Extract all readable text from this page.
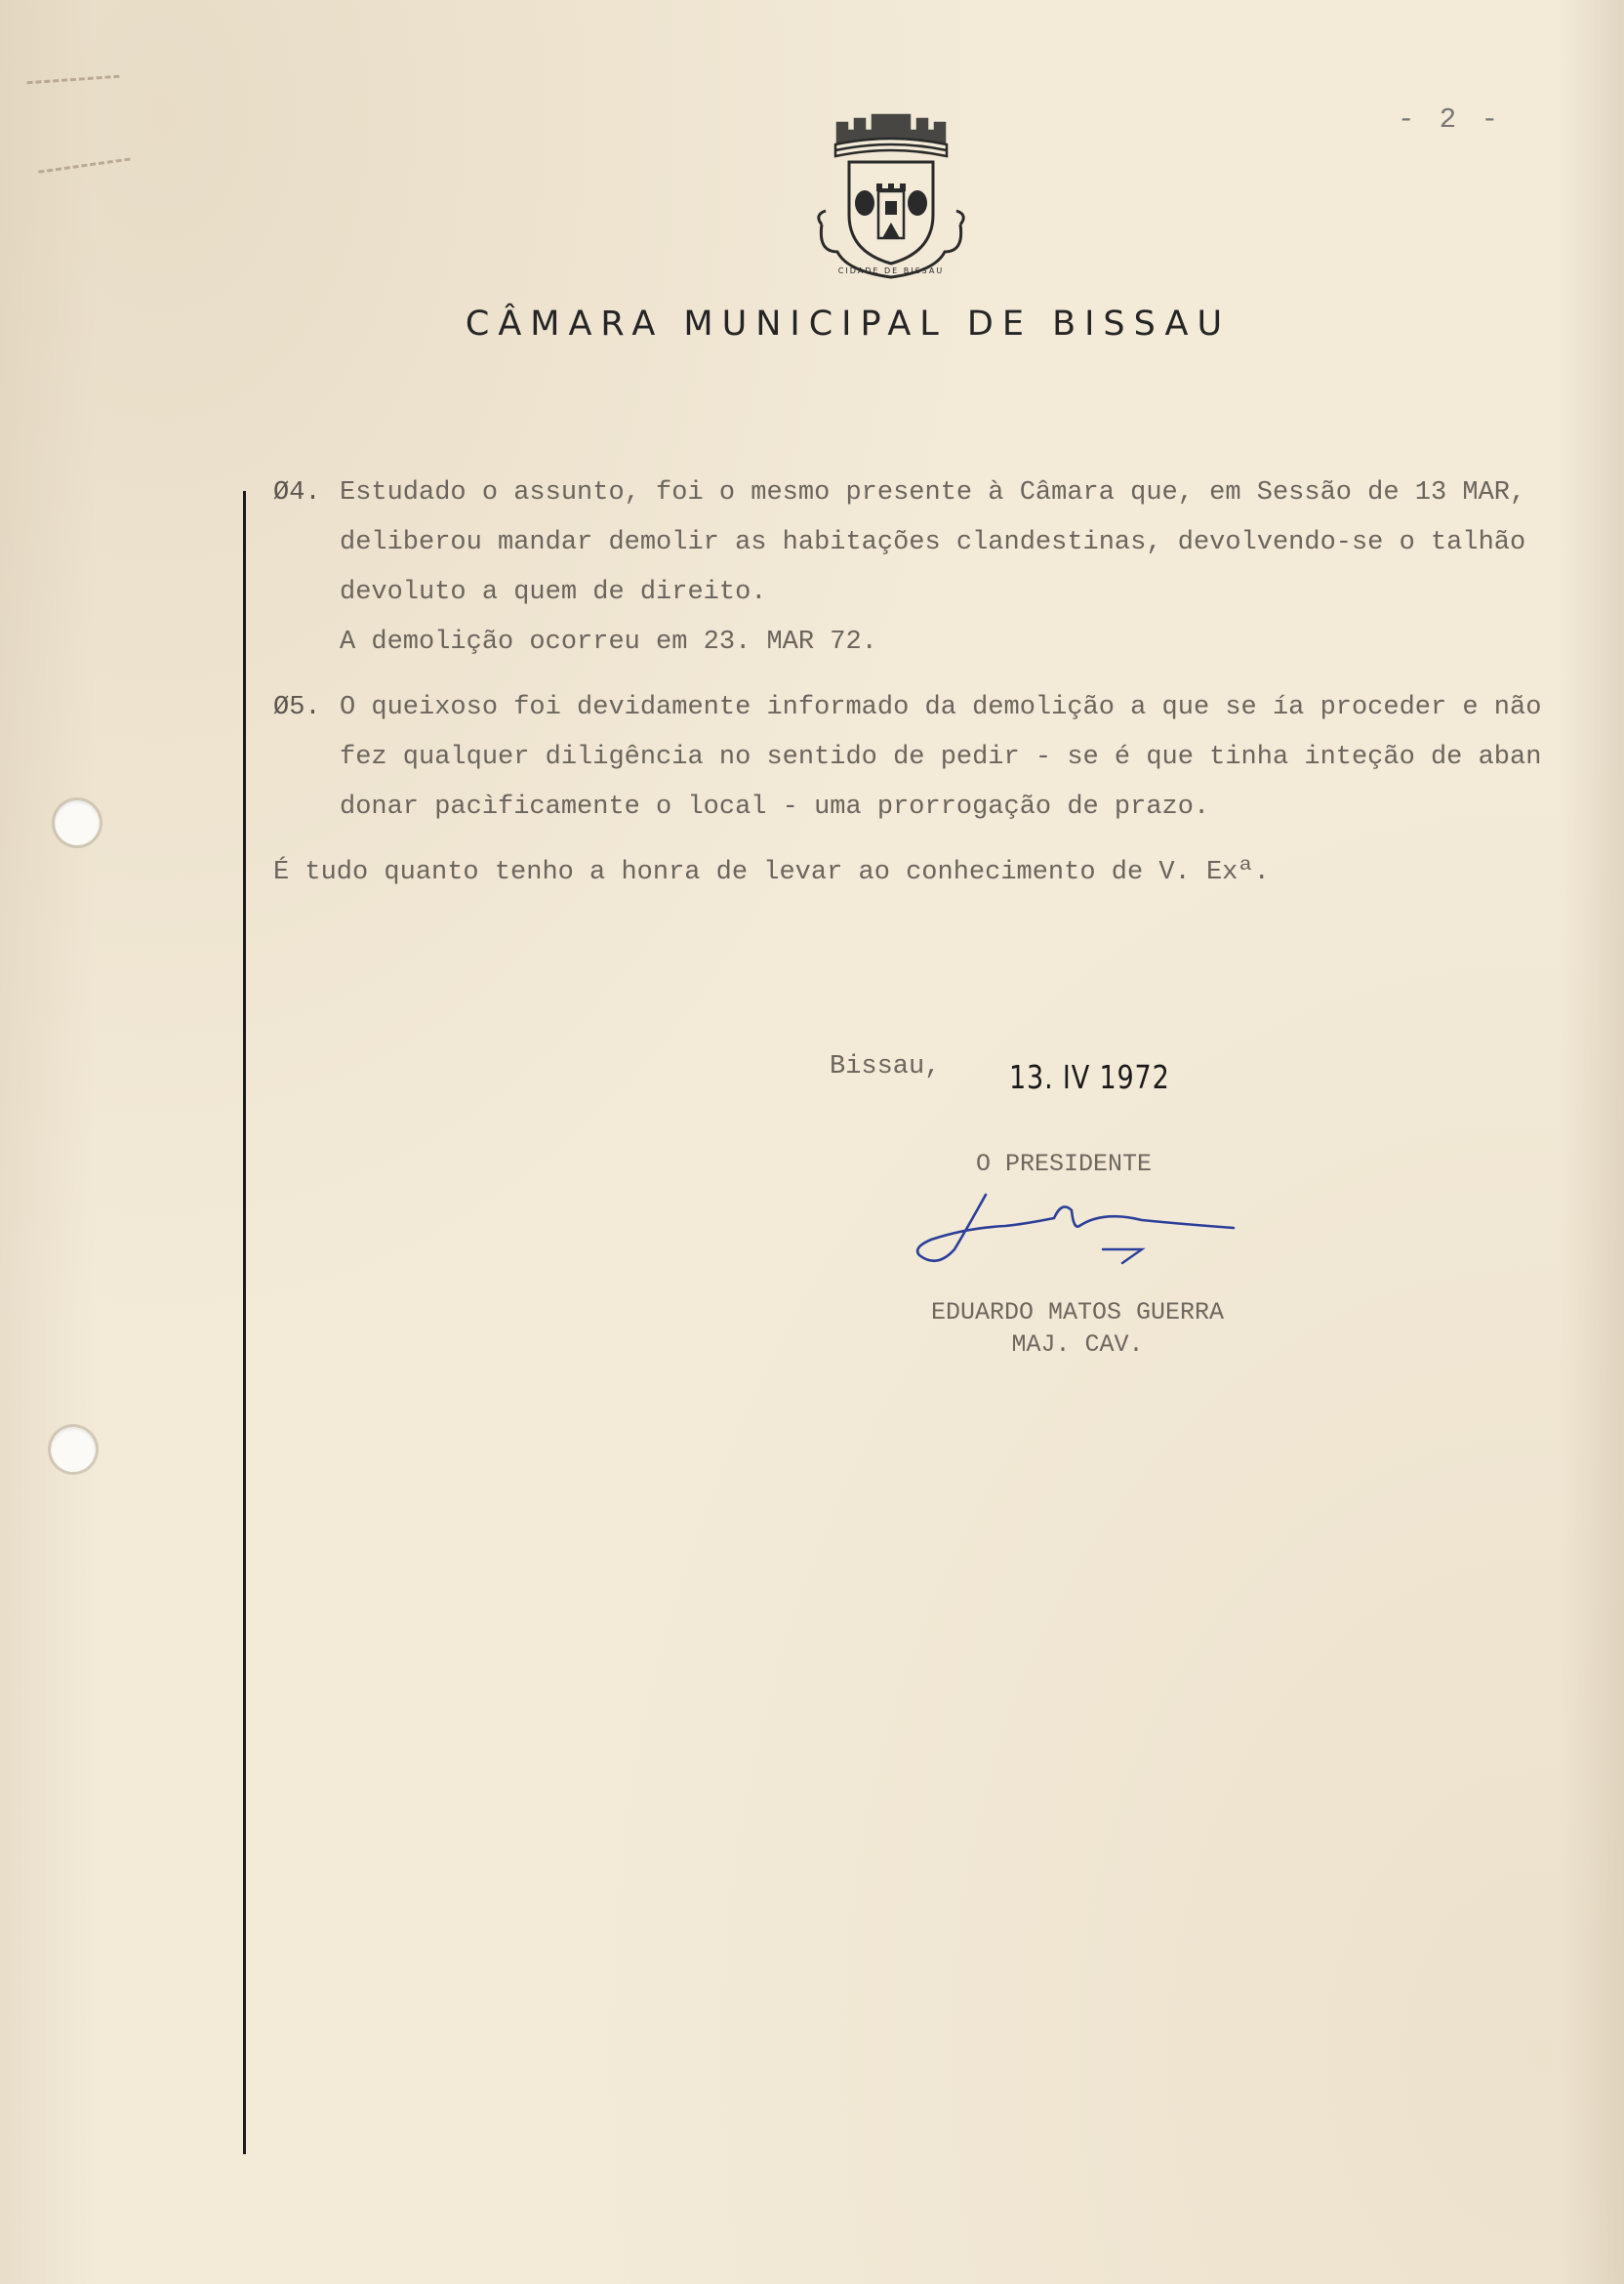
- 2 -
CIDADE DE BISSAU
CÂMARA MUNICIPAL DE BISSAU
Ø4. Estudado o assunto, foi o mesmo presente à Câmara que, em Sessão de 13 MAR,
deliberou mandar demolir as habitações clandestinas, devolvendo-se o talhão
devoluto a quem de direito.
A demolição ocorreu em 23. MAR 72.
Ø5. O queixoso foi devidamente informado da demolição a que se ía proceder e não
fez qualquer diligência no sentido de pedir - se é que tinha inteção de aban
donar pacìficamente o local - uma prorrogação de prazo.
É tudo quanto tenho a honra de levar ao conhecimento de V. Exª.
Bissau, 13. IV 1972
O PRESIDENTE
EDUARDO MATOS GUERRA
MAJ. CAV.
